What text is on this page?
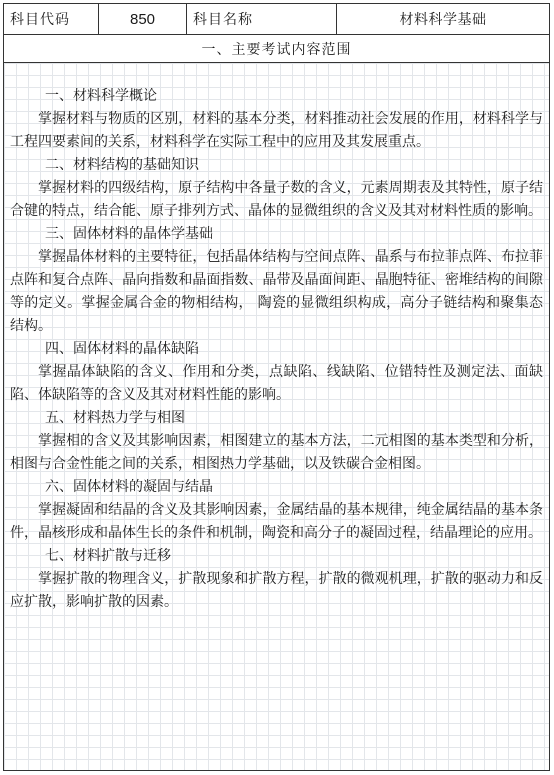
科目代码	850	科目名称	材料科学基础
一、主要考试内容范围

一、材料科学概论

掌握材料与物质的区别，材料的基本分类，材料推动社会发展的作用，材料科学与工程四要素间的关系，材料科学在实际工程中的应用及其发展重点。

二、材料结构的基础知识

掌握材料的四级结构，原子结构中各量子数的含义，元素周期表及其特性，原子结合键的特点，结合能、原子排列方式、晶体的显微组织的含义及其对材料性质的影响。

三、固体材料的晶体学基础

掌握晶体材料的主要特征，包括晶体结构与空间点阵、晶系与布拉菲点阵、布拉菲点阵和复合点阵、晶向指数和晶面指数、晶带及晶面间距、晶胞特征、密堆结构的间隙等的定义。掌握金属合金的物相结构， 陶瓷的显微组织构成，高分子链结构和聚集态结构。

四、固体材料的晶体缺陷

掌握晶体缺陷的含义、作用和分类，点缺陷、线缺陷、位错特性及测定法、面缺陷、体缺陷等的含义及其对材料性能的影响。

五、材料热力学与相图

掌握相的含义及其影响因素，相图建立的基本方法，二元相图的基本类型和分析，相图与合金性能之间的关系，相图热力学基础，以及铁碳合金相图。

六、固体材料的凝固与结晶

掌握凝固和结晶的含义及其影响因素，金属结晶的基本规律，纯金属结晶的基本条件，晶核形成和晶体生长的条件和机制，陶瓷和高分子的凝固过程，结晶理论的应用。

七、材料扩散与迁移

掌握扩散的物理含义，扩散现象和扩散方程，扩散的微观机理，扩散的驱动力和反应扩散，影响扩散的因素。
